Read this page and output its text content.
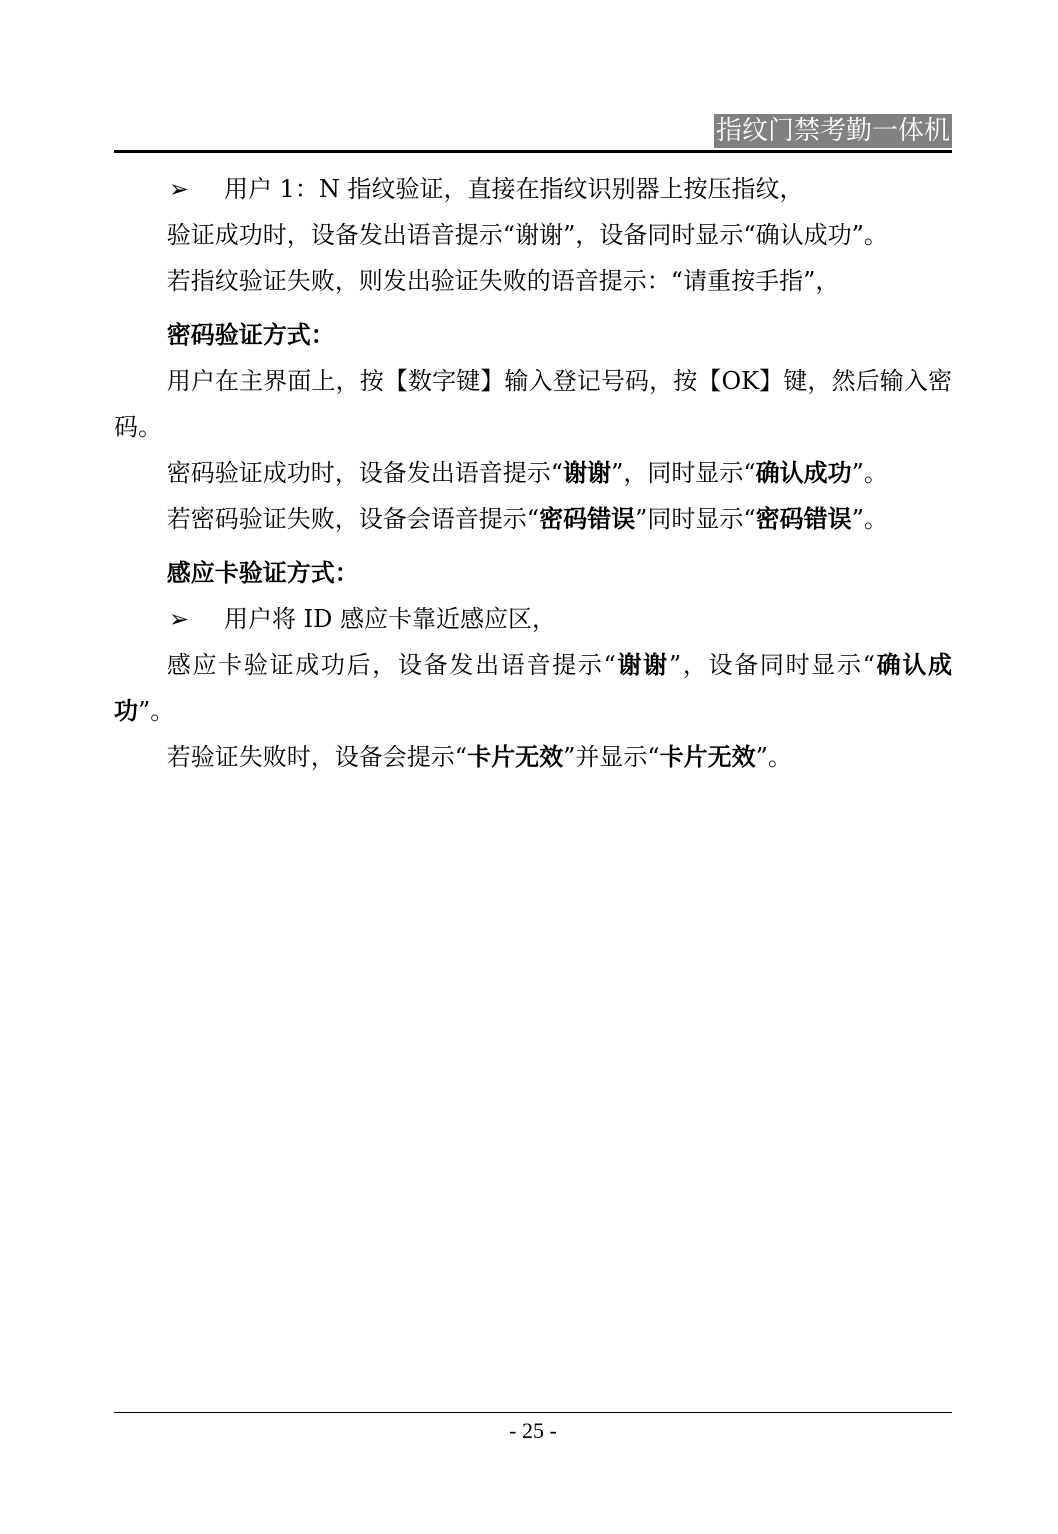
指纹门禁考勤一体机

➢ 用户 1：N 指纹验证，直接在指纹识别器上按压指纹，

验证成功时，设备发出语音提示“谢谢”，设备同时显示“确认成功”。

若指纹验证失败，则发出验证失败的语音提示：“请重按手指”，

密码验证方式：

用户在主界面上，按【数字键】输入登记号码，按【OK】键，然后输入密码。

密码验证成功时，设备发出语音提示“谢谢”，同时显示“确认成功”。

若密码验证失败，设备会语音提示“密码错误”同时显示“密码错误”。

感应卡验证方式：

➢ 用户将 ID 感应卡靠近感应区，

感应卡验证成功后，设备发出语音提示“谢谢”，设备同时显示“确认成功”。

若验证失败时，设备会提示“卡片无效”并显示“卡片无效”。

- 25 -
